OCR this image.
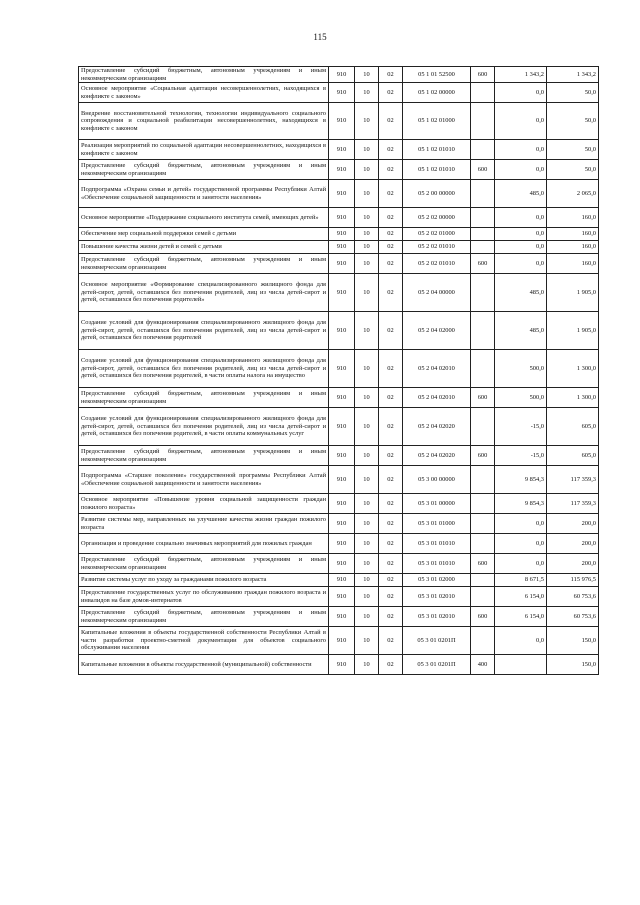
115
Предоставление субсидий бюджетным, автономным учреждениям и иным некоммерческим организациям	910	10	02	05 1 01 52500	600	1 343,2	1 343,2
Основное мероприятие «Социальная адаптация несовершеннолетних, находящихся в конфликте с законом»	910	10	02	05 1 02 00000		0,0	50,0
Внедрение восстановительной технологии, технологии индивидуального социального сопровождения и социальной реабилитации несовершеннолетних, находящихся в конфликте с законом	910	10	02	05 1 02 01000		0,0	50,0
Реализация мероприятий по социальной адаптации несовершеннолетних, находящихся в конфликте с законом	910	10	02	05 1 02 01010		0,0	50,0
Предоставление субсидий бюджетным, автономным учреждениям и иным некоммерческим организациям	910	10	02	05 1 02 01010	600	0,0	50,0
Подпрограмма «Охрана семьи и детей» государственной программы Республики Алтай «Обеспечение социальной защищенности и занятости населения»	910	10	02	05 2 00 00000		485,0	2 065,0
Основное мероприятие «Поддержание социального института семей, имеющих детей»	910	10	02	05 2 02 00000		0,0	160,0
Обеспечение мер социальной поддержки семей с детьми	910	10	02	05 2 02 01000		0,0	160,0
Повышение качества жизни детей и семей с детьми	910	10	02	05 2 02 01010		0,0	160,0
Предоставление субсидий бюджетным, автономным учреждениям и иным некоммерческим организациям	910	10	02	05 2 02 01010	600	0,0	160,0
Основное мероприятие «Формирование специализированного жилищного фонда для детей-сирот, детей, оставшихся без попечения родителей, лиц из числа детей-сирот и детей, оставшихся без попечения родителей»	910	10	02	05 2 04 00000		485,0	1 905,0
Создание условий для функционирования специализированного жилищного фонда для детей-сирот, детей, оставшихся без попечения родителей, лиц из числа детей-сирот и детей, оставшихся без попечения родителей	910	10	02	05 2 04 02000		485,0	1 905,0
Создание условий для функционирования специализированного жилищного фонда для детей-сирот, детей, оставшихся без попечения родителей, лиц из числа детей-сирот и детей, оставшихся без попечения родителей, в части оплаты налога на имущество	910	10	02	05 2 04 02010		500,0	1 300,0
Предоставление субсидий бюджетным, автономным учреждениям и иным некоммерческим организациям	910	10	02	05 2 04 02010	600	500,0	1 300,0
Создание условий для функционирования специализированного жилищного фонда для детей-сирот, детей, оставшихся без попечения родителей, лиц из числа детей-сирот и детей, оставшихся без попечения родителей, в части оплаты коммунальных услуг	910	10	02	05 2 04 02020		-15,0	605,0
Предоставление субсидий бюджетным, автономным учреждениям и иным некоммерческим организациям	910	10	02	05 2 04 02020	600	-15,0	605,0
Подпрограмма «Старшее поколение» государственной программы Республики Алтай «Обеспечение социальной защищенности и занятости населения»	910	10	02	05 3 00 00000		9 854,3	117 359,3
Основное мероприятие «Повышение уровня социальной защищенности граждан пожилого возраста»	910	10	02	05 3 01 00000		9 854,3	117 359,3
Развитие системы мер, направленных на улучшение качества жизни граждан пожилого возраста	910	10	02	05 3 01 01000		0,0	200,0
Организация и проведение социально значимых мероприятий для пожилых граждан	910	10	02	05 3 01 01010		0,0	200,0
Предоставление субсидий бюджетным, автономным учреждениям и иным некоммерческим организациям	910	10	02	05 3 01 01010	600	0,0	200,0
Развитие системы услуг по уходу за гражданами пожилого возраста	910	10	02	05 3 01 02000		8 671,5	115 976,5
Предоставление государственных услуг по обслуживанию граждан пожилого возраста и инвалидов на базе домов-интернатов	910	10	02	05 3 01 02010		6 154,0	60 753,6
Предоставление субсидий бюджетным, автономным учреждениям и иным некоммерческим организациям	910	10	02	05 3 01 02010	600	6 154,0	60 753,6
Капитальные вложения в объекты государственной собственности Республики Алтай в части разработки проектно-сметной документации для объектов социального обслуживания населения	910	10	02	05 3 01 0201П		0,0	150,0
Капитальные вложения в объекты государственной (муниципальной) собственности	910	10	02	05 3 01 0201П	400		150,0
